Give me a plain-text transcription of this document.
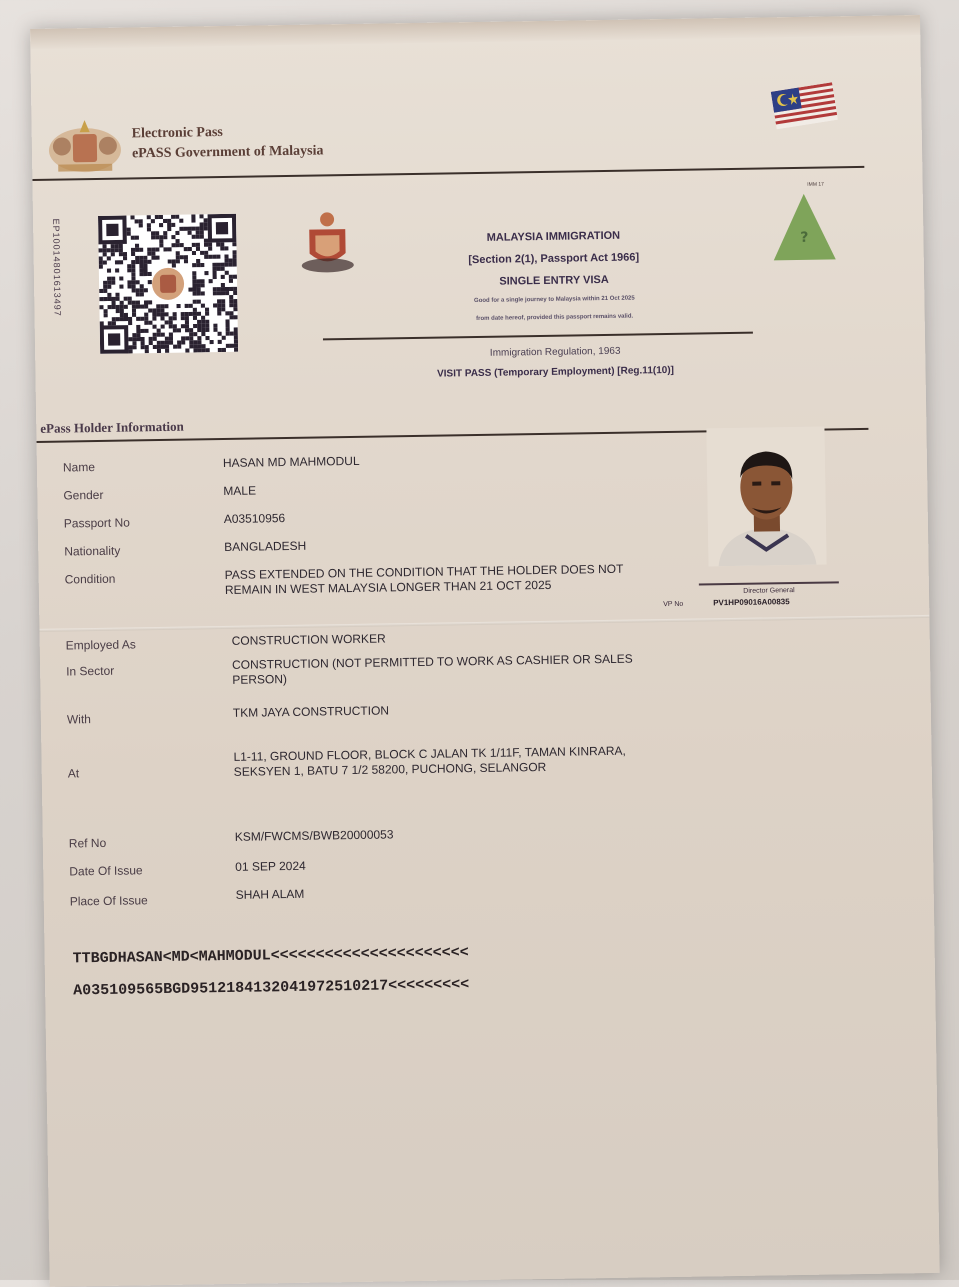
Electronic Pass
ePASS Government of Malaysia
EP10014801613497	MALAYSIA IMMIGRATION
[Section 2(1), Passport Act 1966]
SINGLE ENTRY VISA
Good for a single journey to Malaysia within 21 Oct 2025
from date hereof, provided this passport remains valid.
Immigration Regulation, 1963
VISIT PASS (Temporary Employment) [Reg.11(10)]
IMM 17
?
ePass Holder Information
Director General
VP No	PV1HP09016A00835
Name	HASAN MD MAHMODUL
Gender	MALE
Passport No	A03510956
Nationality	BANGLADESH
Condition	PASS EXTENDED ON THE CONDITION THAT THE HOLDER DOES NOT REMAIN IN WEST MALAYSIA LONGER THAN 21 OCT 2025
Employed As	CONSTRUCTION WORKER
In Sector	CONSTRUCTION (NOT PERMITTED TO WORK AS CASHIER OR SALES PERSON)
With	TKM JAYA CONSTRUCTION
At
L1-11, GROUND FLOOR, BLOCK C JALAN TK 1/11F, TAMAN KINRARA, SEKSYEN 1, BATU 7 1/2 58200, PUCHONG, SELANGOR
Ref No	KSM/FWCMS/BWB20000053
Date Of Issue	01 SEP 2024
Place Of Issue	SHAH ALAM
TTBGDHASAN<MD<MAHMODUL<<<<<<<<<<<<<<<<<<<<<<
A035109565BGD9512184132041972510217<<<<<<<<<
